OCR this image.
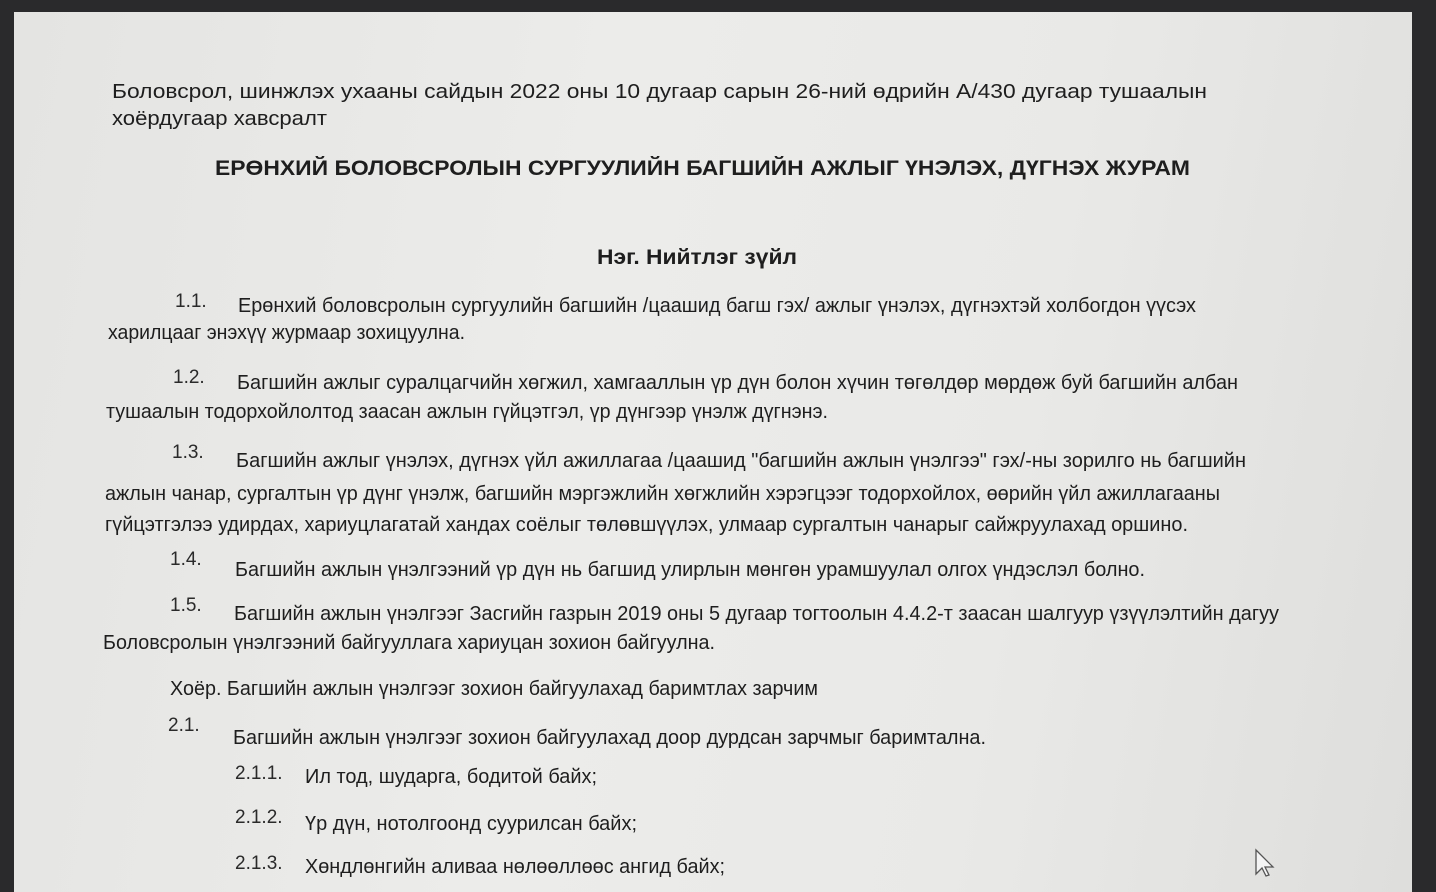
Боловсрол, шинжлэх ухааны сайдын 2022 оны 10 дугаар сарын 26-ний өдрийн А/430 дугаар тушаалын
хоёрдугаар хавсралт
ЕРӨНХИЙ БОЛОВСРОЛЫН СУРГУУЛИЙН БАГШИЙН АЖЛЫГ ҮНЭЛЭХ, ДҮГНЭХ ЖУРАМ
Нэг. Нийтлэг зүйл
1.1. Ерөнхий боловсролын сургуулийн багшийн /цаашид багш гэх/ ажлыг үнэлэх, дүгнэхтэй холбогдон үүсэх
харилцааг энэхүү журмаар зохицуулна.
1.2. Багшийн ажлыг суралцагчийн хөгжил, хамгааллын үр дүн болон хүчин төгөлдөр мөрдөж буй багшийн албан
тушаалын тодорхойлолтод заасан ажлын гүйцэтгэл, үр дүнгээр үнэлж дүгнэнэ.
1.3. Багшийн ажлыг үнэлэх, дүгнэх үйл ажиллагаа /цаашид "багшийн ажлын үнэлгээ" гэх/-ны зорилго нь багшийн
ажлын чанар, сургалтын үр дүнг үнэлж, багшийн мэргэжлийн хөгжлийн хэрэгцээг тодорхойлох, өөрийн үйл ажиллагааны
гүйцэтгэлээ удирдах, хариуцлагатай хандах соёлыг төлөвшүүлэх, улмаар сургалтын чанарыг сайжруулахад оршино.
1.4. Багшийн ажлын үнэлгээний үр дүн нь багшид улирлын мөнгөн урамшуулал олгох үндэслэл болно.
1.5. Багшийн ажлын үнэлгээг Засгийн газрын 2019 оны 5 дугаар тогтоолын 4.4.2-т заасан шалгуур үзүүлэлтийн дагуу
Боловсролын үнэлгээний байгууллага хариуцан зохион байгуулна.
Хоёр. Багшийн ажлын үнэлгээг зохион байгуулахад баримтлах зарчим
2.1.
Багшийн ажлын үнэлгээг зохион байгуулахад доор дурдсан зарчмыг баримтална.
2.1.1. Ил тод, шударга, бодитой байх;
2.1.2. Үр дүн, нотолгоонд суурилсан байх;
2.1.3. Хөндлөнгийн аливаа нөлөөллөөс ангид байх;
